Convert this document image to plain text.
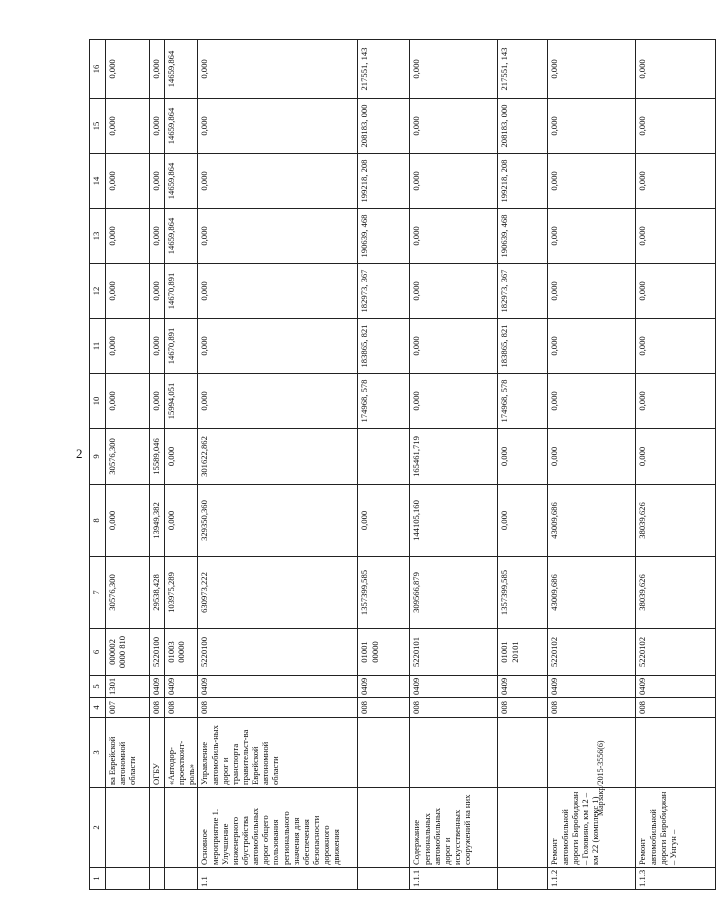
2
Марзакр/2015-3556(6)
1	2	3	4	5	6	7	8	9	10	11	12	13	14	15	16
		ва Еврейской автономной области	007	1301	000002 0000 810	30576,300	0,000	30576,300	0,000	0,000	0,000	0,000	0,000	0,000	0,000
		ОГБУ	008	0409	5220100	29538,428	13949,382	15589,046	0,000	0,000	0,000	0,000	0,000	0,000	0,000
		«Автодор-проектконт-роль»	008	0409	01003 00000	103975,289	0,000	0,000	15994,051	14670,891	14670,891	14659,864	14659,864	14659,864	14659,864
1.1	Основное мероприятие 1. Улучшение инженерного обустройства автомобильных дорог общего пользования регионального значения для обеспечения безопасности дорожного движения	Управление автомобиль-ных дорог и транспорта правительст-ва Еврейской автономной области	008	0409	5220100	630973,222	329350,360	301622,862	0,000	0,000	0,000	0,000	0,000	0,000	0,000
			008	0409	01001 00000	1357399,585	0,000		174968, 578	183865, 821	182973, 367	190639, 468	199218, 208	208183, 000	217551, 143
1.1.1	Содержание региональных автомобильных дорог и искусственных сооружений на них		008	0409	5220101	309566,879	144105,160	165461,719	0,000	0,000	0,000	0,000	0,000	0,000	0,000
			008	0409	01001 20101	1357399,585	0,000	0,000	174968, 578	183865, 821	182973, 367	190639, 468	199218, 208	208183, 000	217551, 143
1.1.2	Ремонт автомобильной дороги Биробиджан – Головино, км 12 – км 22 (комплекс 1)		008	0409	5220102	43009,686	43009,686	0,000	0,000	0,000	0,000	0,000	0,000	0,000	0,000
1.1.3	Ремонт автомобильной дороги Биробиджан – Унгун –		008	0409	5220102	38039,626	38039,626	0,000	0,000	0,000	0,000	0,000	0,000	0,000	0,000
